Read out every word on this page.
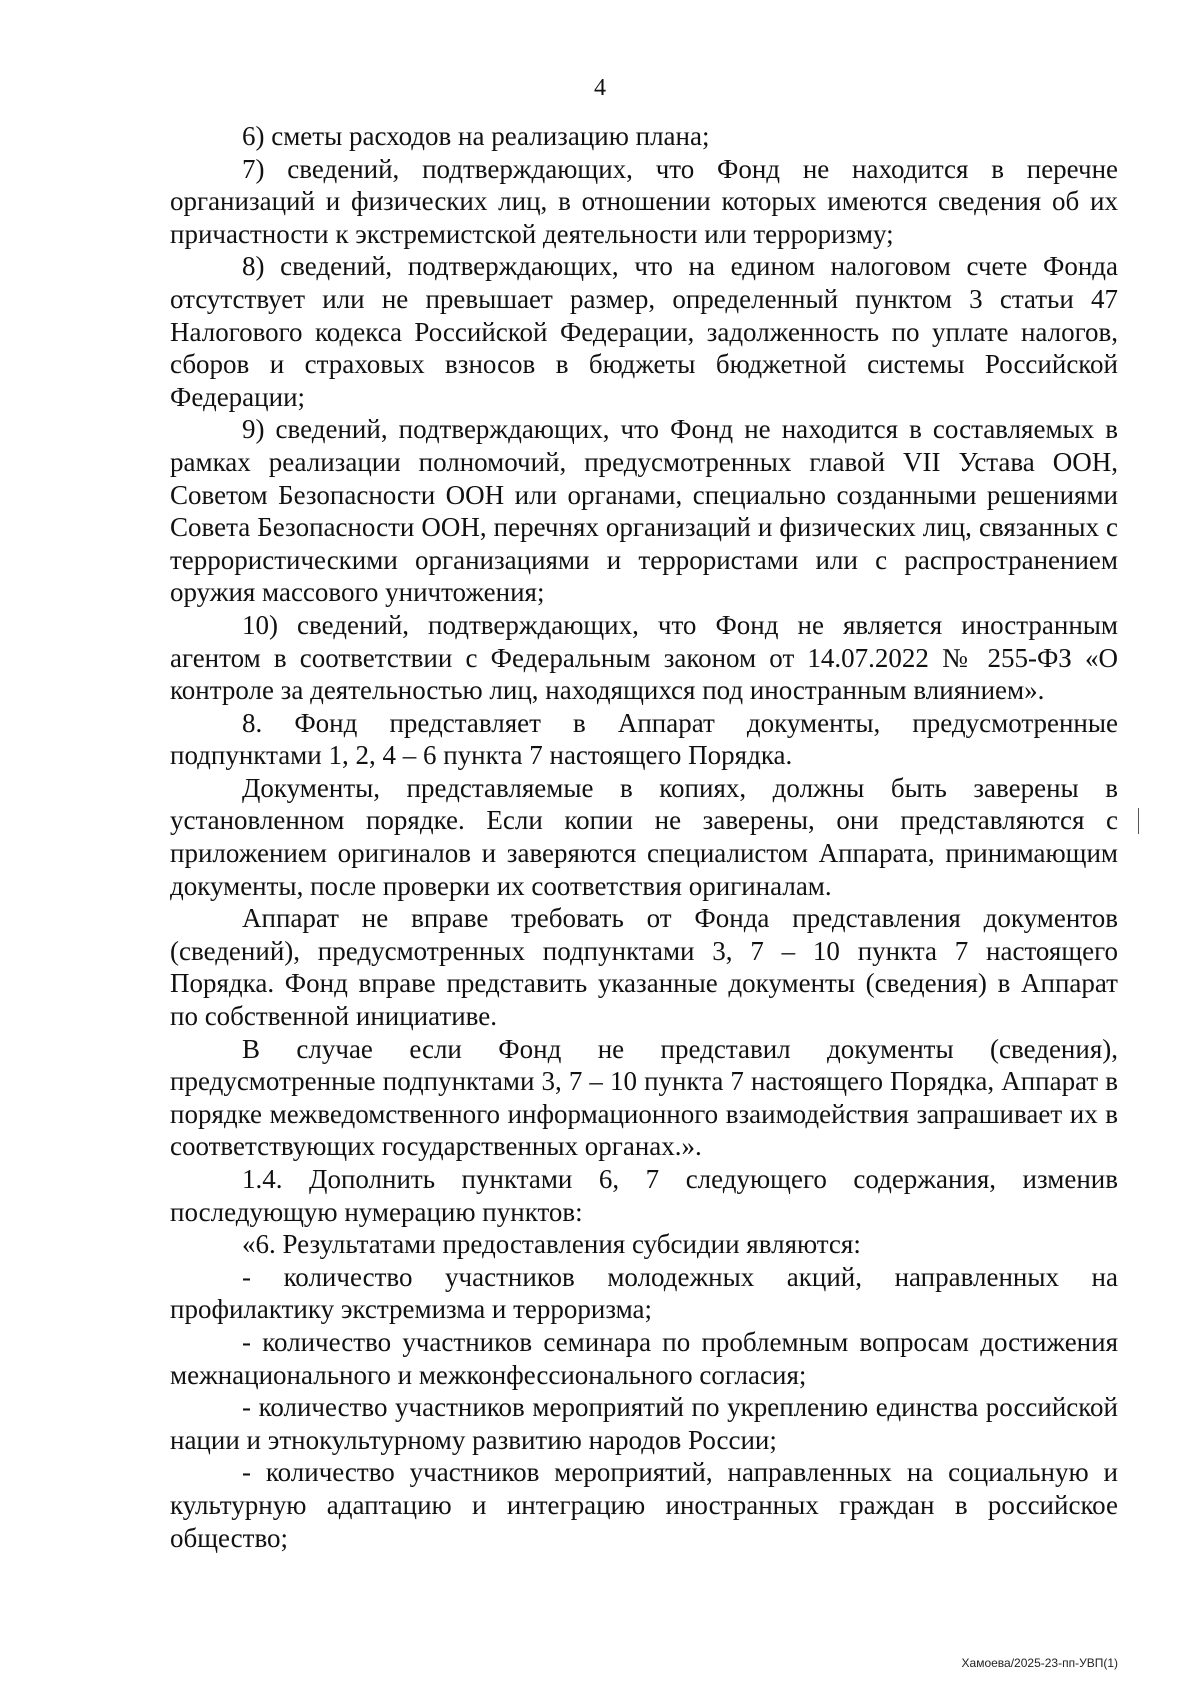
4

6) сметы расходов на реализацию плана;

7) сведений, подтверждающих, что Фонд не находится в перечне организаций и физических лиц, в отношении которых имеются сведения об их причастности к экстремистской деятельности или терроризму;

8) сведений, подтверждающих, что на едином налоговом счете Фонда отсутствует или не превышает размер, определенный пунктом 3 статьи 47 Налогового кодекса Российской Федерации, задолженность по уплате налогов, сборов и страховых взносов в бюджеты бюджетной системы Российской Федерации;

9) сведений, подтверждающих, что Фонд не находится в составляемых в рамках реализации полномочий, предусмотренных главой VII Устава ООН, Советом Безопасности ООН или органами, специально созданными решениями Совета Безопасности ООН, перечнях организаций и физических лиц, связанных с террористическими организациями и террористами или с распространением оружия массового уничтожения;

10) сведений, подтверждающих, что Фонд не является иностранным агентом в соответствии с Федеральным законом от 14.07.2022 № 255-ФЗ «О контроле за деятельностью лиц, находящихся под иностранным влиянием».

8. Фонд представляет в Аппарат документы, предусмотренные подпунктами 1, 2, 4 – 6 пункта 7 настоящего Порядка.

Документы, представляемые в копиях, должны быть заверены в установленном порядке. Если копии не заверены, они представляются с приложением оригиналов и заверяются специалистом Аппарата, принимающим документы, после проверки их соответствия оригиналам.

Аппарат не вправе требовать от Фонда представления документов (сведений), предусмотренных подпунктами 3, 7 – 10 пункта 7 настоящего Порядка. Фонд вправе представить указанные документы (сведения) в Аппарат по собственной инициативе.

В случае если Фонд не представил документы (сведения), предусмотренные подпунктами 3, 7 – 10 пункта 7 настоящего Порядка, Аппарат в порядке межведомственного информационного взаимодействия запрашивает их в соответствующих государственных органах.».

1.4. Дополнить пунктами 6, 7 следующего содержания, изменив последующую нумерацию пунктов:

«6. Результатами предоставления субсидии являются:

- количество участников молодежных акций, направленных на профилактику экстремизма и терроризма;

- количество участников семинара по проблемным вопросам достижения межнационального и межконфессионального согласия;

- количество участников мероприятий по укреплению единства российской нации и этнокультурному развитию народов России;

- количество участников мероприятий, направленных на социальную и культурную адаптацию и интеграцию иностранных граждан в российское общество;

Хамоева/2025-23-пп-УВП(1)
